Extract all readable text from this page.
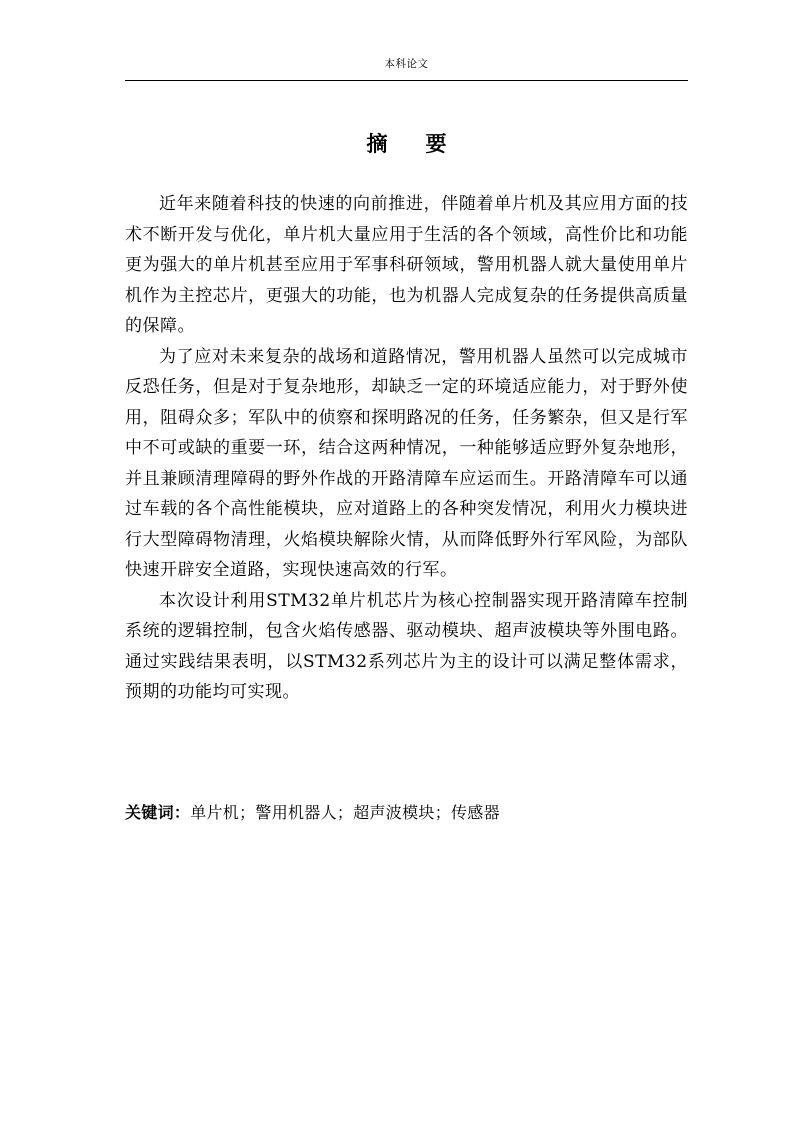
本科论文
摘 要

近年来随着科技的快速的向前推进，伴随着单片机及其应用方面的技术不断开发与优化，单片机大量应用于生活的各个领域，高性价比和功能更为强大的单片机甚至应用于军事科研领域，警用机器人就大量使用单片机作为主控芯片，更强大的功能，也为机器人完成复杂的任务提供高质量的保障。

为了应对未来复杂的战场和道路情况，警用机器人虽然可以完成城市反恐任务，但是对于复杂地形，却缺乏一定的环境适应能力，对于野外使用，阻碍众多；军队中的侦察和探明路况的任务，任务繁杂，但又是行军中不可或缺的重要一环，结合这两种情况，一种能够适应野外复杂地形，并且兼顾清理障碍的野外作战的开路清障车应运而生。开路清障车可以通过车载的各个高性能模块，应对道路上的各种突发情况，利用火力模块进行大型障碍物清理，火焰模块解除火情，从而降低野外行军风险，为部队快速开辟安全道路，实现快速高效的行军。

本次设计利用STM32单片机芯片为核心控制器实现开路清障车控制系统的逻辑控制，包含火焰传感器、驱动模块、超声波模块等外围电路。通过实践结果表明，以STM32系列芯片为主的设计可以满足整体需求，预期的功能均可实现。

关键词：单片机；警用机器人；超声波模块；传感器
